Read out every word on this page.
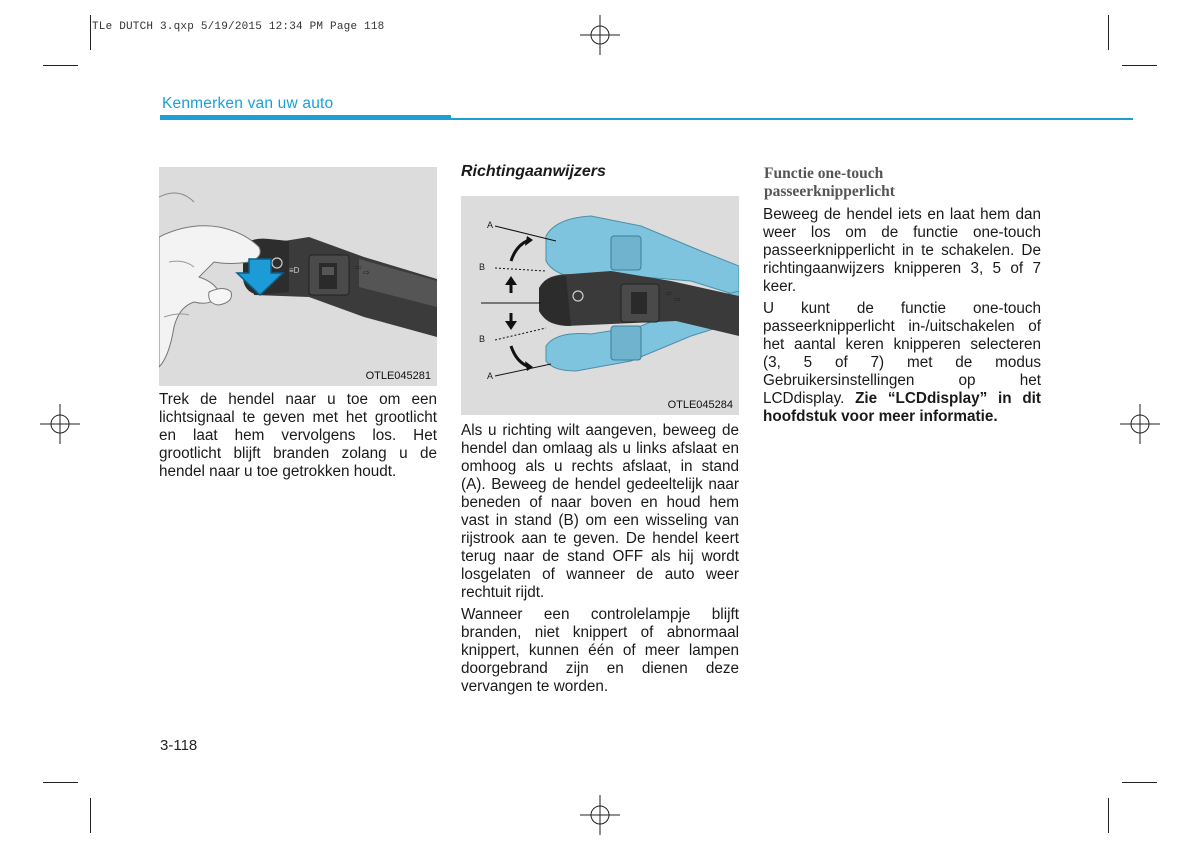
TLe DUTCH 3.qxp 5/19/2015 12:34 PM Page 118
Kenmerken van uw auto
≡D	⇦
⇨
OTLE045281

Trek de hendel naar u toe om een lichtsignaal te geven met het grootlicht en laat hem vervolgens los. Het grootlicht blijft branden zolang u de hendel naar u toe getrokken houdt.

Richtingaanwijzers
⇦
⇨
A
B
B
A
OTLE045284

Als u richting wilt aangeven, beweeg de hendel dan omlaag als u links afslaat en omhoog als u rechts afslaat, in stand (A). Beweeg de hendel gedeeltelijk naar beneden of naar boven en houd hem vast in stand (B) om een wisseling van rijstrook aan te geven. De hendel keert terug naar de stand OFF als hij wordt losgelaten of wanneer de auto weer rechtuit rijdt.

Wanneer een controlelampje blijft branden, niet knippert of abnormaal knippert, kunnen één of meer lampen doorgebrand zijn en dienen deze vervangen te worden.

Functie one-touch passeerknipperlicht

Beweeg de hendel iets en laat hem dan weer los om de functie one-touch passeerknipperlicht in te schakelen. De richtingaanwijzers knipperen 3, 5 of 7 keer.

U kunt de functie one-touch passeerknipperlicht in-/uitschakelen of het aantal keren knipperen selecteren (3, 5 of 7) met de modus Gebruikersinstellingen op het LCDdisplay. Zie “LCDdisplay” in dit hoofdstuk voor meer informatie.

3-118
